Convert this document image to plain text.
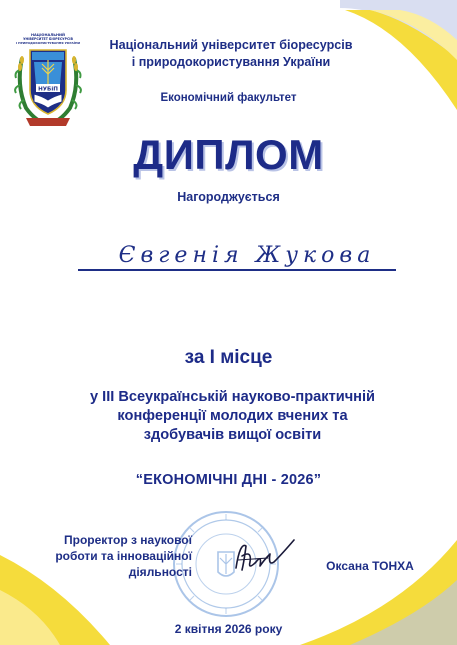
НАЦІОНАЛЬНИЙ
УНІВЕРСИТЕТ БІОРЕСУРСІВ
І ПРИРОДОКОРИСТУВАННЯ УКРАЇНИ
НУБіП
Національний університет біоресурсів
і природокористування України
Економічний факультет
ДИПЛОМ
Нагороджується
Євгенія Жукова
за І місце
у ІІІ Всеукраїнській науково-практичній
конференції молодих вчених та
здобувачів вищої освіти
“ЕКОНОМІЧНІ ДНІ - 2026”
Проректор з наукової
роботи та інноваційної
діяльності	Оксана ТОНХА
2 квітня 2026 року
